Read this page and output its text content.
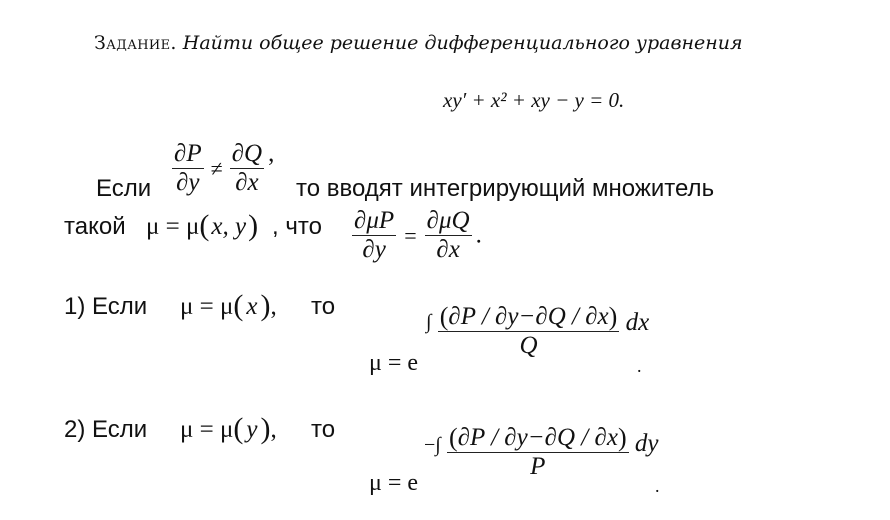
Задание. Найти общее решение дифференциального уравнения
xy′ + x² + xy − y = 0.
Если $\frac{\partial P}{\partial y} \ne \frac{\partial Q}{\partial x}$ ,
то вводят интегрирующий множитель
такой μ = μ(x, y) , что $\frac{\partial\mu P}{\partial y} = \frac{\partial\mu Q}{\partial x}$ .
1) Если μ = μ( x ), то
μ = e
$^\int \frac{(\partial P / \partial y-\partial Q / \partial x)}{Q}$ dx
.
2) Если μ = μ( y ), то
μ = e
$^{-\int} \frac{(\partial P / \partial y-\partial Q / \partial x)}{P}$ dy
.
